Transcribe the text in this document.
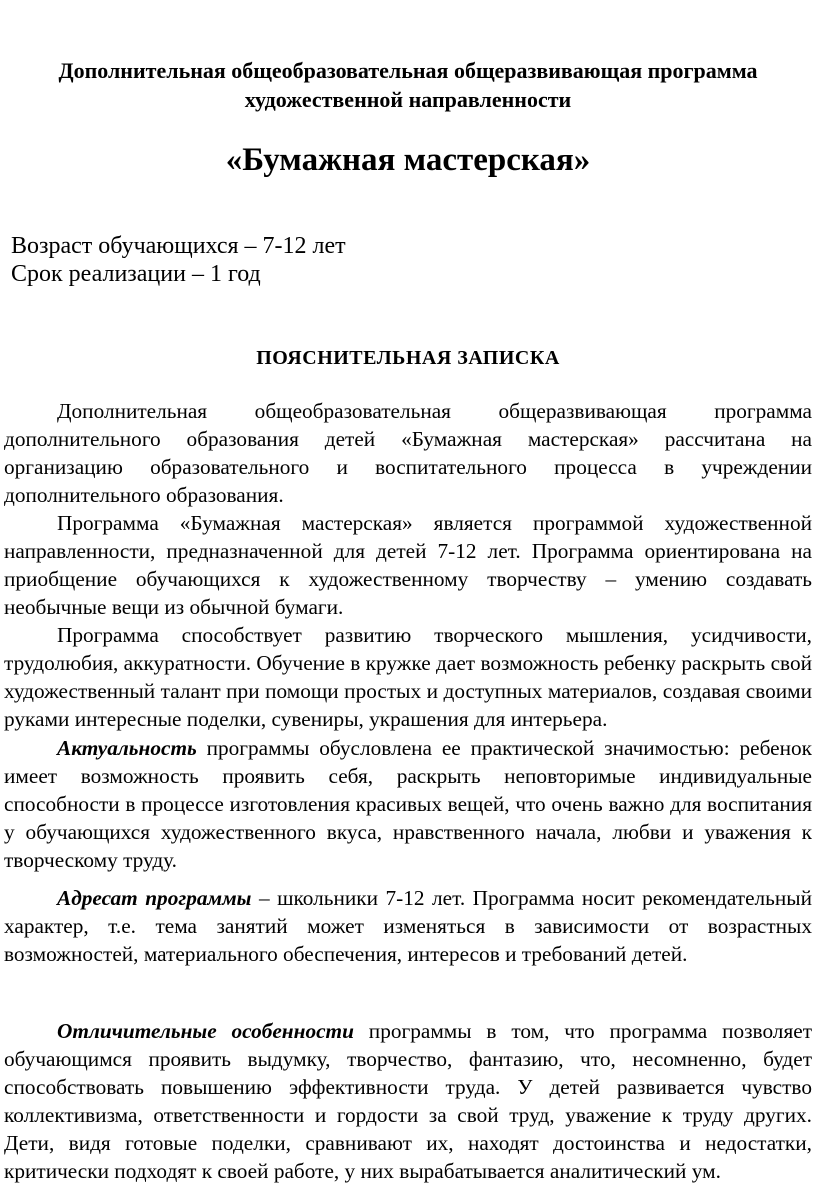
Дополнительная общеобразовательная общеразвивающая программа художественной направленности
«Бумажная мастерская»
Возраст обучающихся – 7-12 лет
Срок реализации – 1 год
ПОЯСНИТЕЛЬНАЯ ЗАПИСКА

Дополнительная общеобразовательная общеразвивающая программа дополнительного образования детей «Бумажная мастерская» рассчитана на организацию образовательного и воспитательного процесса в учреждении дополнительного образования.

Программа «Бумажная мастерская» является программой художественной направленности, предназначенной для детей 7-12 лет. Программа ориентирована на приобщение обучающихся к художественному творчеству – умению создавать необычные вещи из обычной бумаги.

Программа способствует развитию творческого мышления, усидчивости, трудолюбия, аккуратности. Обучение в кружке дает возможность ребенку раскрыть свой художественный талант при помощи простых и доступных материалов, создавая своими руками интересные поделки, сувениры, украшения для интерьера.

Актуальность программы обусловлена ее практической значимостью: ребенок имеет возможность проявить себя, раскрыть неповторимые индивидуальные способности в процессе изготовления красивых вещей, что очень важно для воспитания у обучающихся художественного вкуса, нравственного начала, любви и уважения к творческому труду.

Адресат программы – школьники 7-12 лет. Программа носит рекомендательный характер, т.е. тема занятий может изменяться в зависимости от возрастных возможностей, материального обеспечения, интересов и требований детей.

Отличительные особенности программы в том, что программа позволяет обучающимся проявить выдумку, творчество, фантазию, что, несомненно, будет способствовать повышению эффективности труда. У детей развивается чувство коллективизма, ответственности и гордости за свой труд, уважение к труду других. Дети, видя готовые поделки, сравнивают их, находят достоинства и недостатки, критически подходят к своей работе, у них вырабатывается аналитический ум.
